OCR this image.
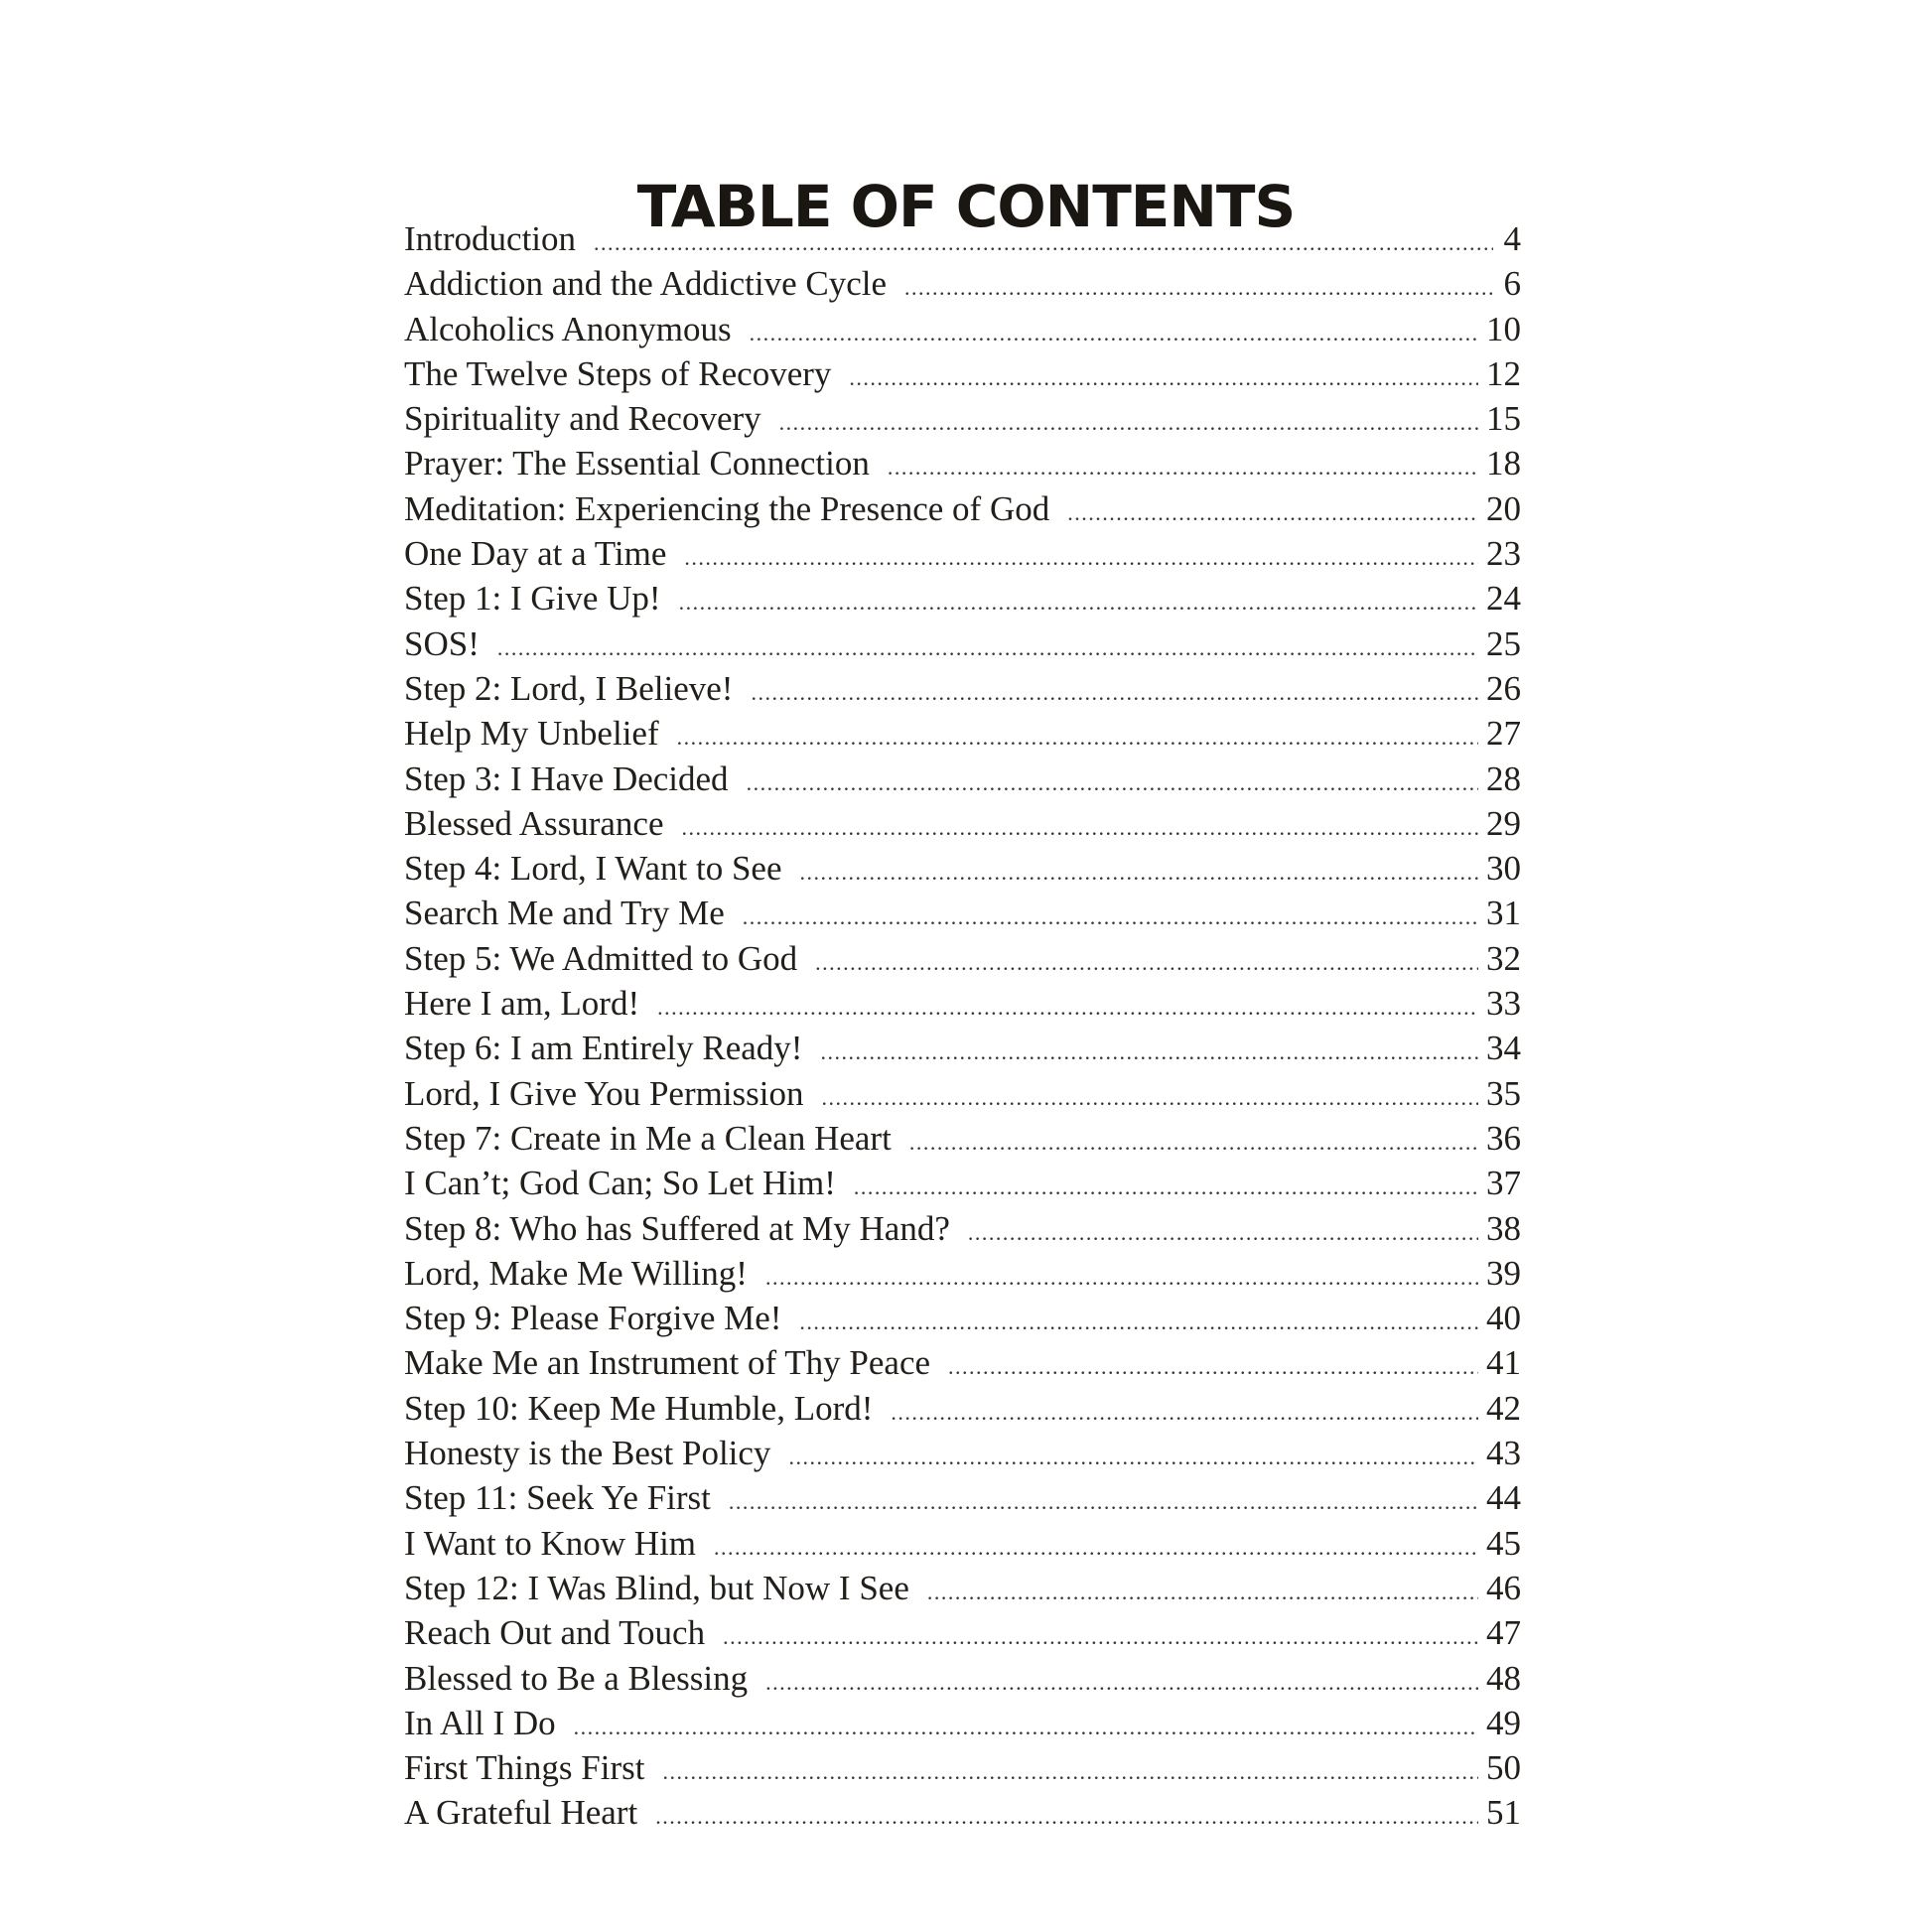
TABLE OF CONTENTS
Introduction .....	4
Addiction and the Addictive Cycle .....	6
Alcoholics Anonymous .....	10
The Twelve Steps of Recovery .....	12
Spirituality and Recovery .....	15
Prayer: The Essential Connection .....	18
Meditation: Experiencing the Presence of God .....	20
One Day at a Time .....	23
Step 1: I Give Up! .....	24
SOS! .....	25
Step 2: Lord, I Believe! .....	26
Help My Unbelief .....	27
Step 3: I Have Decided .....	28
Blessed Assurance .....	29
Step 4: Lord, I Want to See .....	30
Search Me and Try Me .....	31
Step 5: We Admitted to God .....	32
Here I am, Lord! .....	33
Step 6: I am Entirely Ready! .....	34
Lord, I Give You Permission .....	35
Step 7: Create in Me a Clean Heart .....	36
I Can’t; God Can; So Let Him! .....	37
Step 8: Who has Suffered at My Hand? .....	38
Lord, Make Me Willing! .....	39
Step 9: Please Forgive Me! .....	40
Make Me an Instrument of Thy Peace .....	41
Step 10: Keep Me Humble, Lord! .....	42
Honesty is the Best Policy .....	43
Step 11: Seek Ye First .....	44
I Want to Know Him .....	45
Step 12: I Was Blind, but Now I See .....	46
Reach Out and Touch .....	47
Blessed to Be a Blessing .....	48
In All I Do .....	49
First Things First .....	50
A Grateful Heart .....	51
